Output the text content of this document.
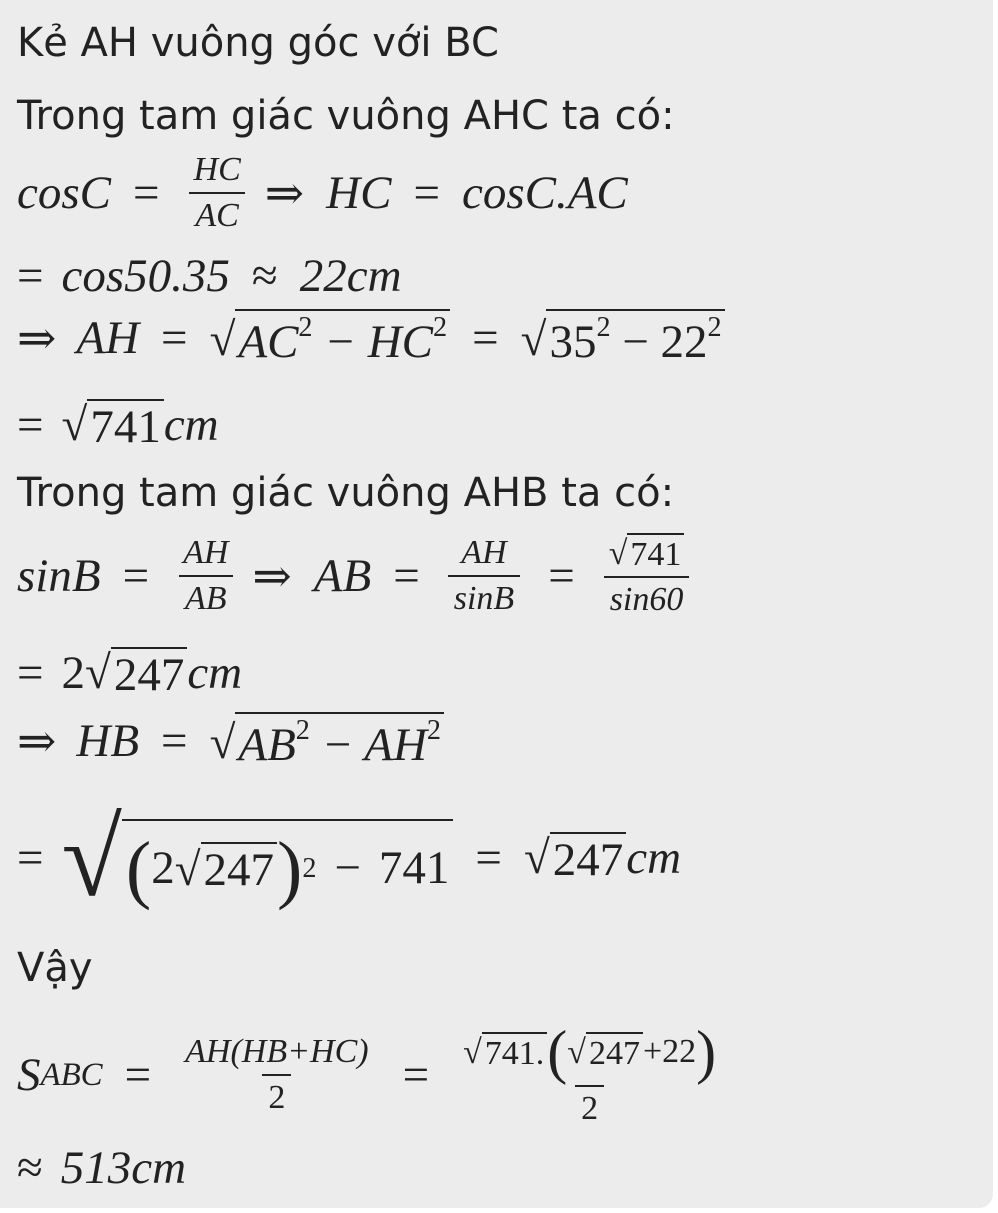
Kẻ AH vuông góc với BC
Trong tam giác vuông AHC ta có:
$\cos C = \frac{HC}{AC}$ ⇒ HC = cosC.AC
= cos50.35 ≈ 22cm
⇒ AH = √ $AC^2 - HC^2$ = √ $35^2 - 22^2$
= √ 741 cm
Trong tam giác vuông AHB ta có:
$\sin B = \frac{AH}{AB}$ ⇒ AB = $\frac{AH}{\sin B} = \frac{√ 741}{\sin 60}$
= 2 √ 247 cm
⇒ HB = √ $AB^2 - AH^2$
= √ ( 2 √ 247 ) 2 − 741 = √ 247 cm
Vậy
S ABC = $\frac{AH(HB+HC)}{2} = \frac{√ 741. ( √ 247 +22 )}{2}$
≈ 513cm
